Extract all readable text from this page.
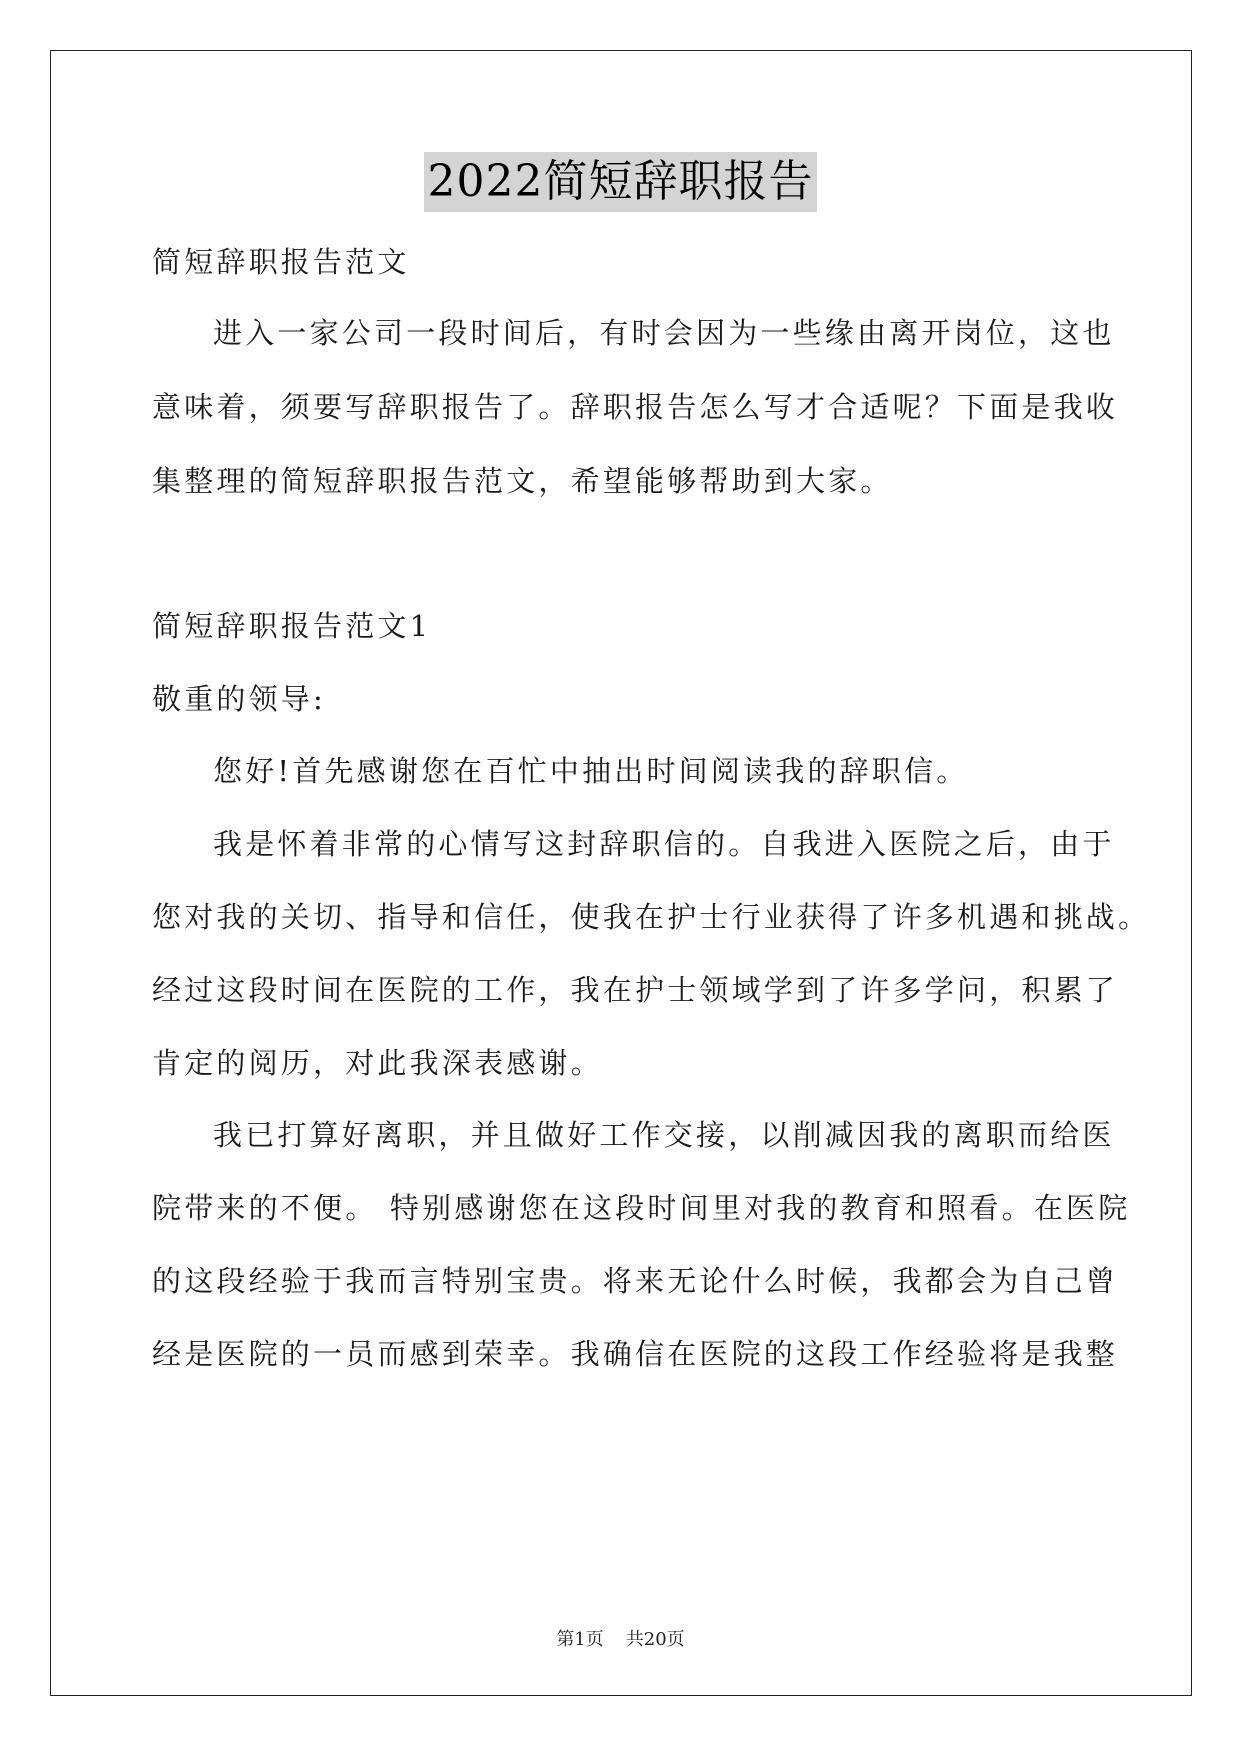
2022简短辞职报告
简短辞职报告范文
进入一家公司一段时间后，有时会因为一些缘由离开岗位，这也
意味着，须要写辞职报告了。辞职报告怎么写才合适呢？下面是我收
集整理的简短辞职报告范文，希望能够帮助到大家。
简短辞职报告范文1
敬重的领导:
您好!首先感谢您在百忙中抽出时间阅读我的辞职信。
我是怀着非常的心情写这封辞职信的。自我进入医院之后，由于
您对我的关切、指导和信任，使我在护士行业获得了许多机遇和挑战。
经过这段时间在医院的工作，我在护士领域学到了许多学问，积累了
肯定的阅历，对此我深表感谢。
我已打算好离职，并且做好工作交接，以削减因我的离职而给医
院带来的不便。 特别感谢您在这段时间里对我的教育和照看。在医院
的这段经验于我而言特别宝贵。将来无论什么时候，我都会为自己曾
经是医院的一员而感到荣幸。我确信在医院的这段工作经验将是我整
第1页 共20页
